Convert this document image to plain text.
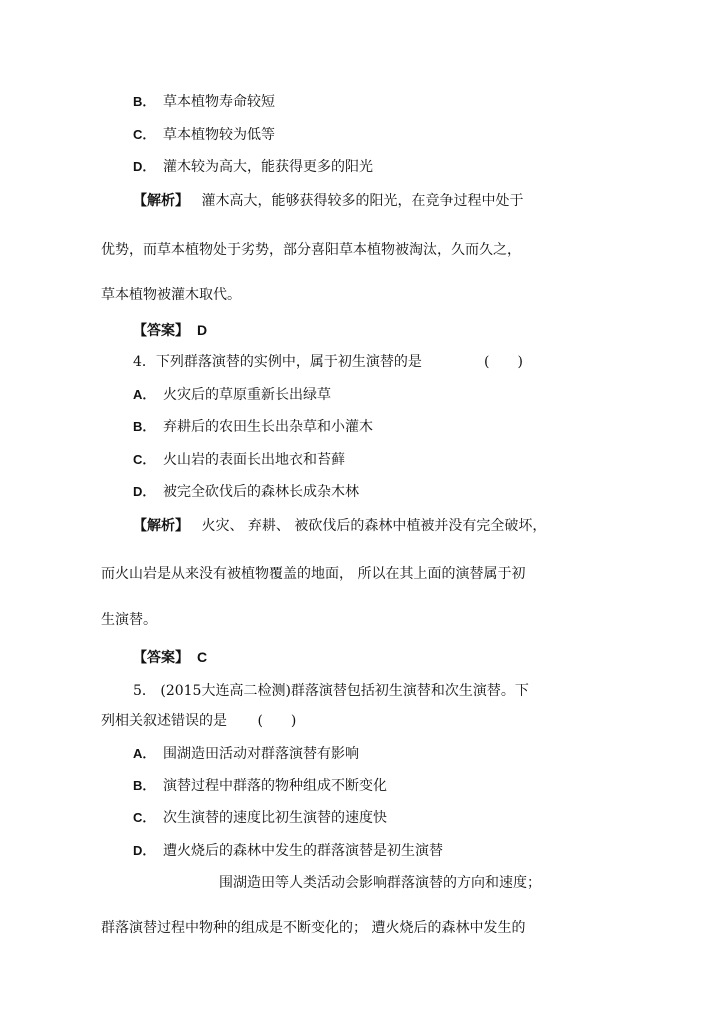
B． 草本植物寿命较短
C． 草本植物较为低等
D． 灌木较为高大，能获得更多的阳光
【解析】 灌木高大，能够获得较多的阳光，在竞争过程中处于
优势，而草本植物处于劣势，部分喜阳草本植物被淘汰，久而久之，
草本植物被灌木取代。
【答案】 D
4．下列群落演替的实例中，属于初生演替的是	(　　)
A． 火灾后的草原重新长出绿草
B． 弃耕后的农田生长出杂草和小灌木
C． 火山岩的表面长出地衣和苔藓
D． 被完全砍伐后的森林长成杂木林
【解析】 火灾、 弃耕、 被砍伐后的森林中植被并没有完全破坏，
而火山岩是从来没有被植物覆盖的地面， 所以在其上面的演替属于初
生演替。
【答案】 C
5． (2015大连高二检测)群落演替包括初生演替和次生演替。下
列相关叙述错误的是 (　　)
A． 围湖造田活动对群落演替有影响
B． 演替过程中群落的物种组成不断变化
C． 次生演替的速度比初生演替的速度快
D． 遭火烧后的森林中发生的群落演替是初生演替
围湖造田等人类活动会影响群落演替的方向和速度；
群落演替过程中物种的组成是不断变化的； 遭火烧后的森林中发生的
